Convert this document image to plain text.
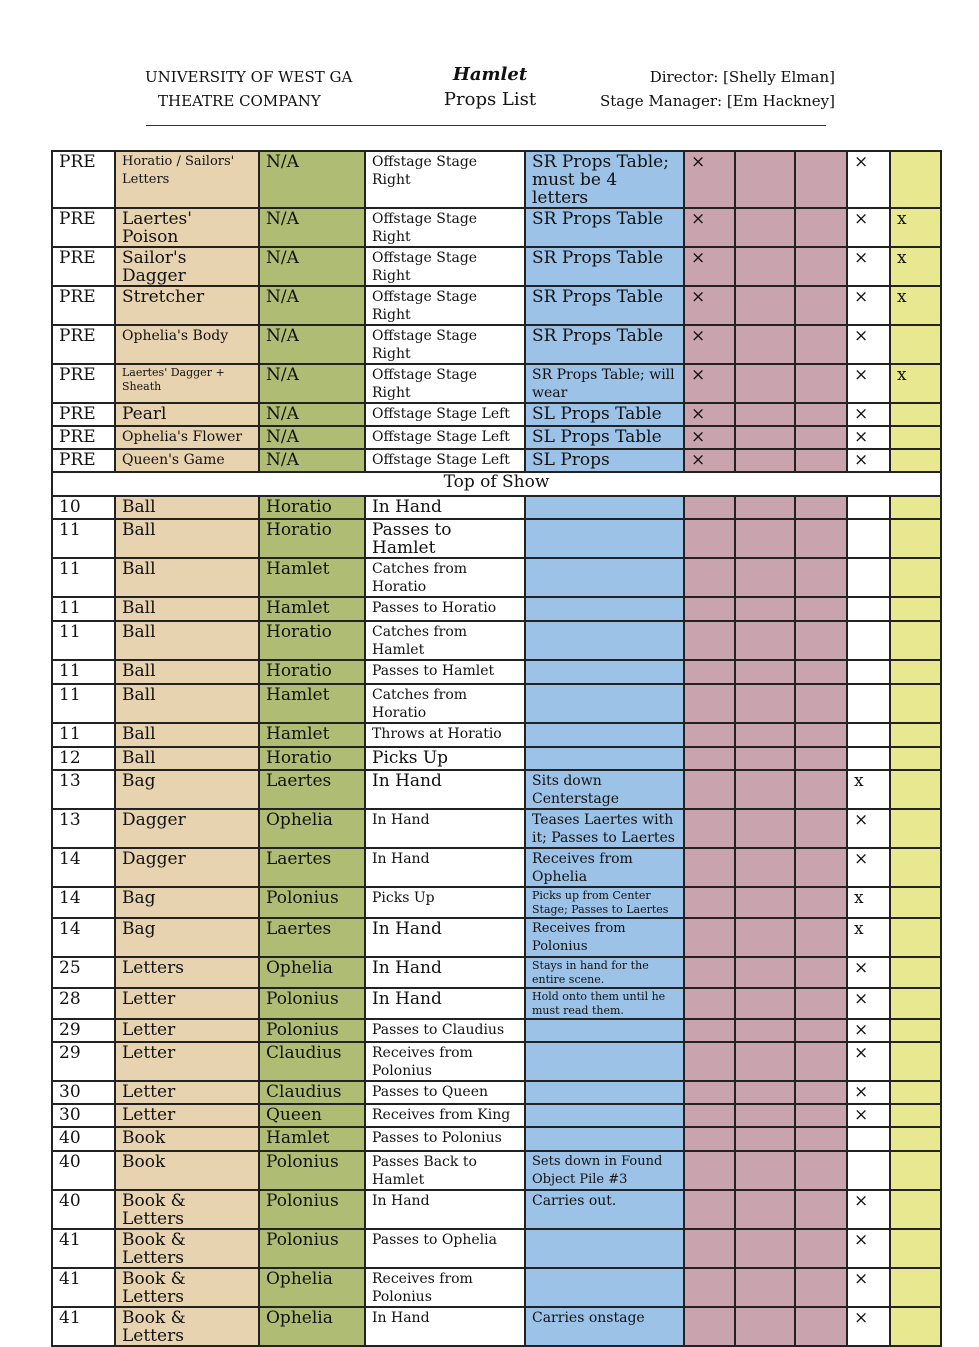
UNIVERSITY OF WEST GA
THEATRE COMPANY
Hamlet
Props List
Director: [Shelly Elman]
Stage Manager: [Em Hackney]
PRE	Horatio / Sailors' Letters	N/A	Offstage Stage Right	SR Props Table; must be 4 letters	×			×	
PRE	Laertes' Poison	N/A	Offstage Stage Right	SR Props Table	×			×	x
PRE	Sailor's Dagger	N/A	Offstage Stage Right	SR Props Table	×			×	x
PRE	Stretcher	N/A	Offstage Stage Right	SR Props Table	×			×	x
PRE	Ophelia's Body	N/A	Offstage Stage Right	SR Props Table	×			×	
PRE	Laertes' Dagger + Sheath	N/A	Offstage Stage Right	SR Props Table; will wear	×			×	x
PRE	Pearl	N/A	Offstage Stage Left	SL Props Table	×			×	
PRE	Ophelia's Flower	N/A	Offstage Stage Left	SL Props Table	×			×	
PRE	Queen's Game	N/A	Offstage Stage Left	SL Props	×			×	
Top of Show									
10	Ball	Horatio	In Hand						
11	Ball	Horatio	Passes to Hamlet						
11	Ball	Hamlet	Catches from Horatio						
11	Ball	Hamlet	Passes to Horatio						
11	Ball	Horatio	Catches from Hamlet						
11	Ball	Horatio	Passes to Hamlet						
11	Ball	Hamlet	Catches from Horatio						
11	Ball	Hamlet	Throws at Horatio						
12	Ball	Horatio	Picks Up						
13	Bag	Laertes	In Hand	Sits down Centerstage				x	
13	Dagger	Ophelia	In Hand	Teases Laertes with it; Passes to Laertes				×	
14	Dagger	Laertes	In Hand	Receives from Ophelia				×	
14	Bag	Polonius	Picks Up	Picks up from Center Stage; Passes to Laertes				x	
14	Bag	Laertes	In Hand	Receives from Polonius				x	
25	Letters	Ophelia	In Hand	Stays in hand for the entire scene.				×	
28	Letter	Polonius	In Hand	Hold onto them until he must read them.				×	
29	Letter	Polonius	Passes to Claudius					×	
29	Letter	Claudius	Receives from Polonius					×	
30	Letter	Claudius	Passes to Queen					×	
30	Letter	Queen	Receives from King					×	
40	Book	Hamlet	Passes to Polonius						
40	Book	Polonius	Passes Back to Hamlet	Sets down in Found Object Pile #3					
40	Book & Letters	Polonius	In Hand	Carries out.				×	
41	Book & Letters	Polonius	Passes to Ophelia					×	
41	Book & Letters	Ophelia	Receives from Polonius					×	
41	Book & Letters	Ophelia	In Hand	Carries onstage				×	
